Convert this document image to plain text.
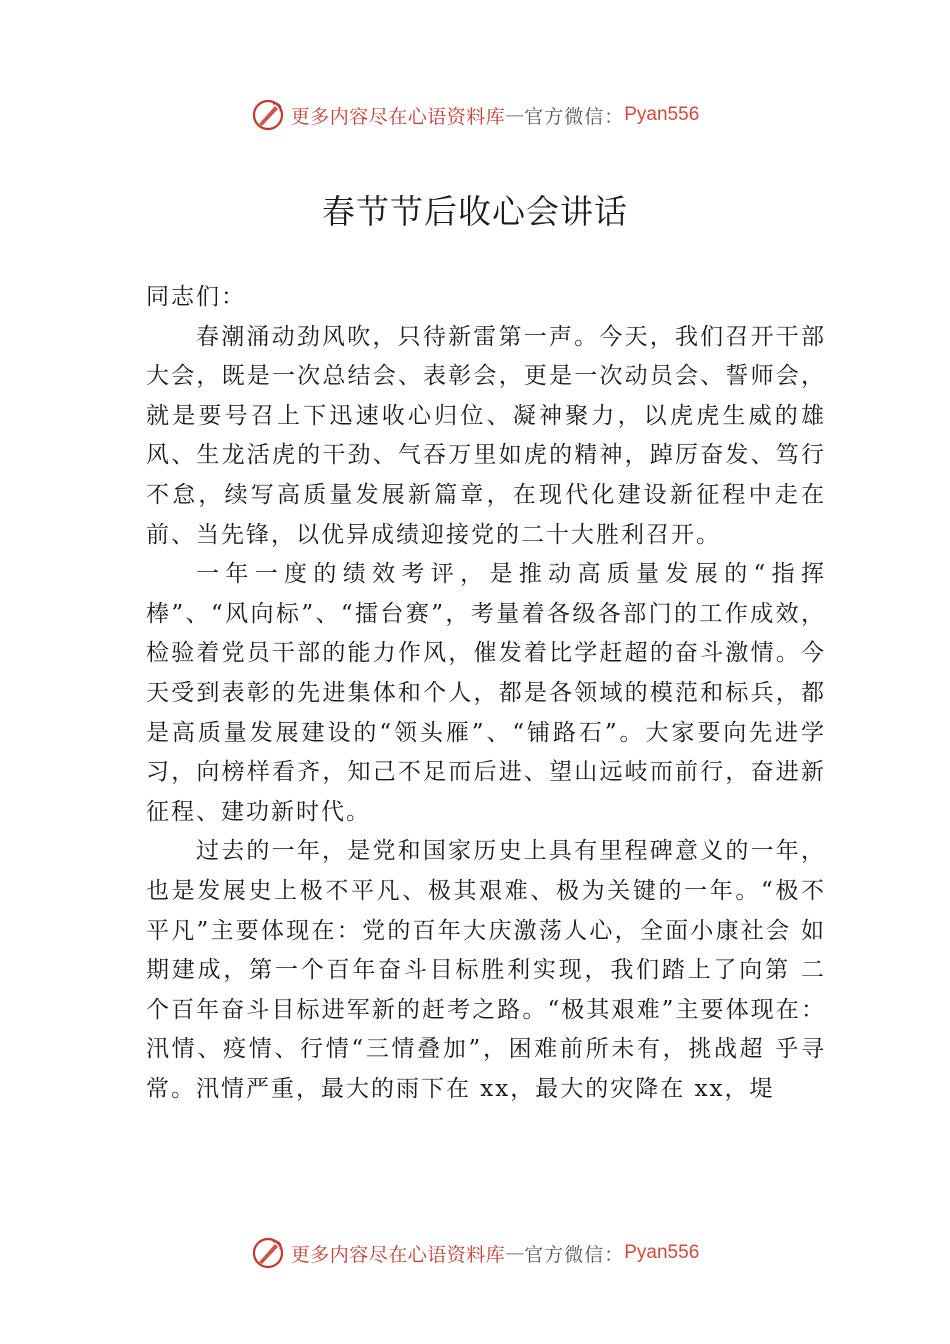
更多内容尽在心语资料库 — 官方微信： Pyan556
春节节后收心会讲话

同志们：

春潮涌动劲风吹，只待新雷第一声。今天，我们召开干部大会，既是一次总结会、表彰会，更是一次动员会、誓师会，就是要号召上下迅速收心归位、凝神聚力，以虎虎生威的雄风、生龙活虎的干劲、气吞万里如虎的精神，踔厉奋发、笃行不怠，续写高质量发展新篇章，在现代化建设新征程中走在前、当先锋，以优异成绩迎接党的二十大胜利召开。

一年一度的绩效考评，是推动高质量发展的“指挥棒”、“风向标”、“擂台赛”，考量着各级各部门的工作成效，检验着党员干部的能力作风，催发着比学赶超的奋斗激情。今天受到表彰的先进集体和个人，都是各领域的模范和标兵，都是高质量发展建设的“领头雁”、“铺路石”。大家要向先进学习，向榜样看齐，知己不足而后进、望山远岐而前行，奋进新征程、建功新时代。

过去的一年，是党和国家历史上具有里程碑意义的一年，也是发展史上极不平凡、极其艰难、极为关键的一年。“极不平凡”主要体现在：党的百年大庆激荡人心，全面小康社会 如期建成，第一个百年奋斗目标胜利实现，我们踏上了向第 二个百年奋斗目标进军新的赶考之路。“极其艰难”主要体现在：汛情、疫情、行情“三情叠加”，困难前所未有，挑战超 乎寻常。汛情严重，最大的雨下在 xx，最大的灾降在 xx，堤

更多内容尽在心语资料库 — 官方微信： Pyan556
